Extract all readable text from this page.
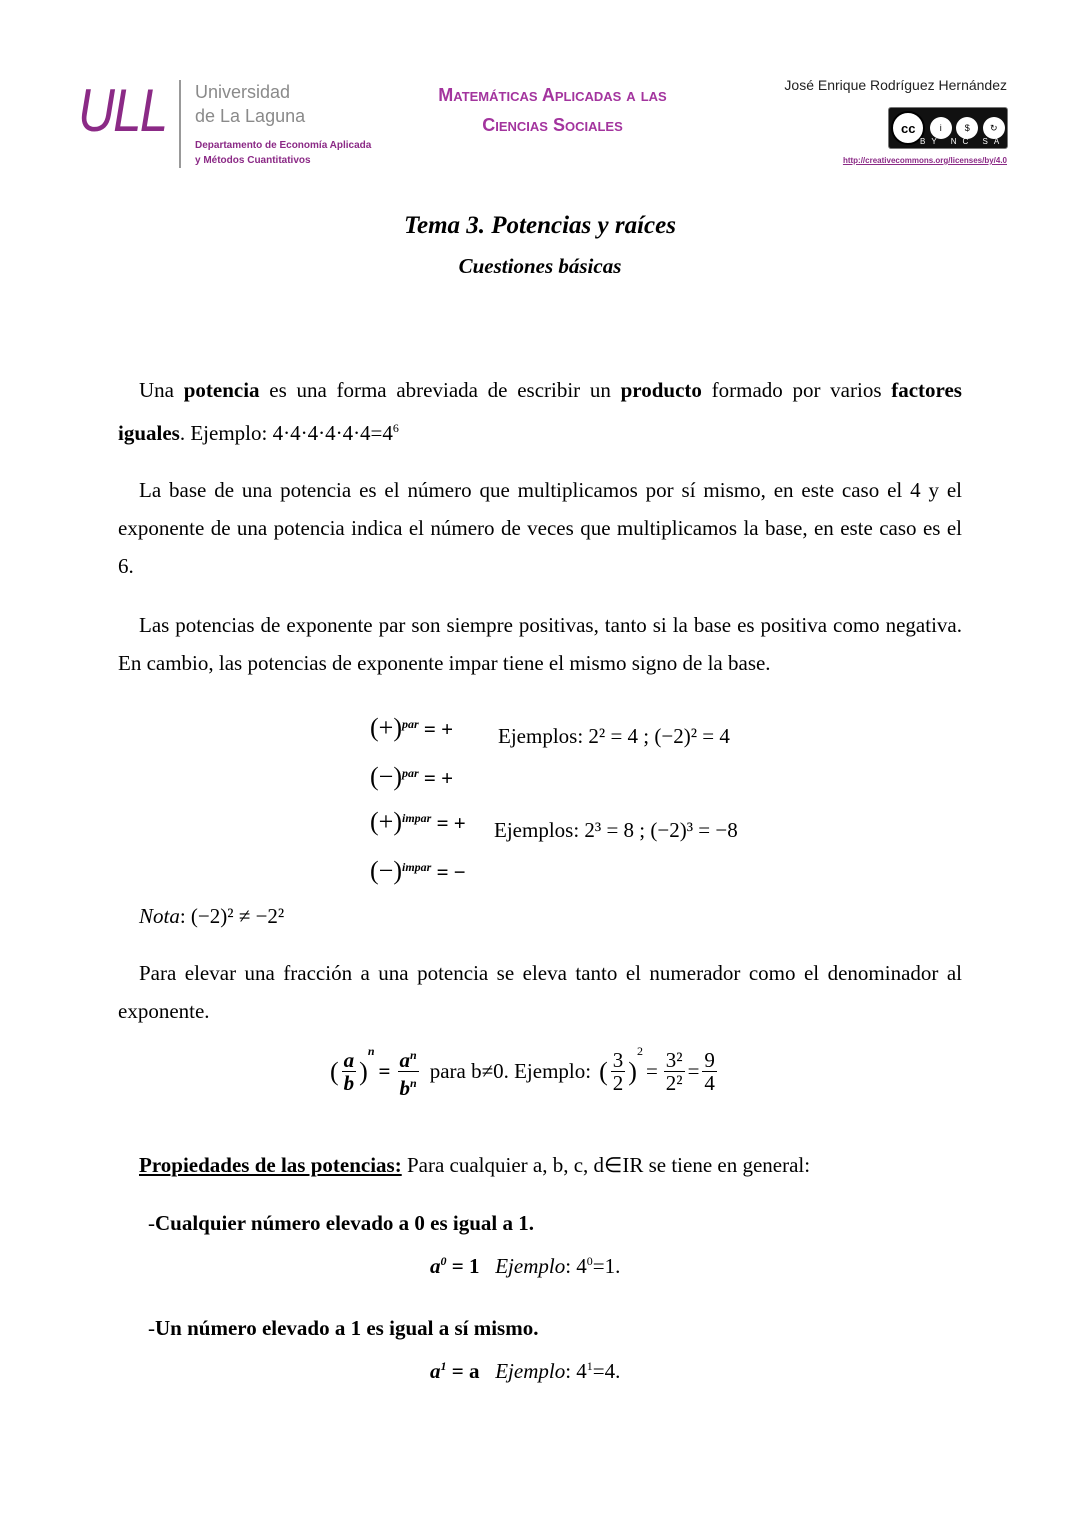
ULL Universidad
de La Laguna
Departamento de Economía Aplicada
y Métodos Cuantitativos
Matemáticas Aplicadas a las
Ciencias Sociales
José Enrique Rodríguez Hernández
cc	i	$	↻
BY NC SA
http://creativecommons.org/licenses/by/4.0
Tema 3. Potencias y raíces
Cuestiones básicas
Una potencia es una forma abreviada de escribir un producto formado por varios factores iguales. Ejemplo: $4\cdot 4\cdot 4\cdot 4\cdot 4\cdot 4=4^6$
La base de una potencia es el número que multiplicamos por sí mismo, en este caso el 4 y el exponente de una potencia indica el número de veces que multiplicamos la base, en este caso es el 6.
Las potencias de exponente par son siempre positivas, tanto si la base es positiva como negativa. En cambio, las potencias de exponente impar tiene el mismo signo de la base.
$(+)^{par}$ = +
$(-)^{par}$ = +
Ejemplos: 2² = 4 ; (−2)² = 4
$(+)^{impar}$ = +
$(-)^{impar}$ = −
Ejemplos: 2³ = 8 ; (−2)³ = −8
Nota: (−2)² ≠ −2²
Para elevar una fracción a una potencia se eleva tanto el numerador como el denominador al exponente.
( $\frac{a}{b}$ )
$^n$
= $\frac{a^n}{b^n}$ para b≠0. Ejemplo: ( $\frac{3}{2}$ )
$^2$
= $\frac{\text{3²}}{\text{2²}} = \frac{9}{4}$
Propiedades de las potencias: Para cualquier a, b, c, d∈IR se tiene en general:
-Cualquier número elevado a 0 es igual a 1.
$a^0 = 1$ Ejemplo: $4^0=1$.
-Un número elevado a 1 es igual a sí mismo.
$a^1 = a$ Ejemplo: $4^1=4$.
